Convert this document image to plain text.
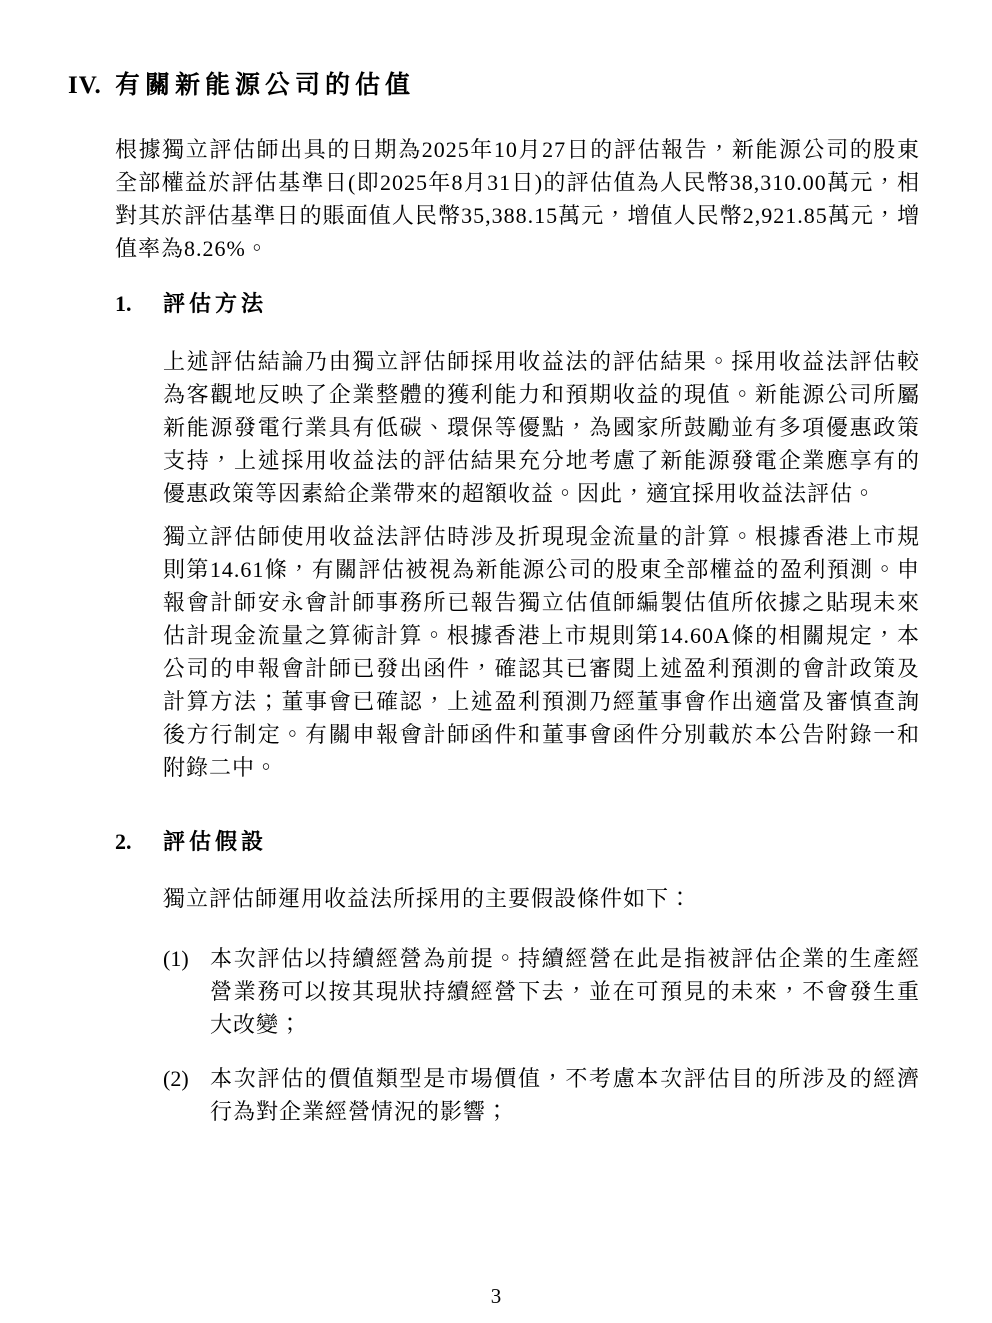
IV. 有關新能源公司的估值

根據獨立評估師出具的日期為2025年10月27日的評估報告，新能源公司的股東全部權益於評估基準日(即2025年8月31日)的評估值為人民幣38,310.00萬元，相對其於評估基準日的賬面值人民幣35,388.15萬元，增值人民幣2,921.85萬元，增值率為8.26%。

1.	評估方法

上述評估結論乃由獨立評估師採用收益法的評估結果。採用收益法評估較為客觀地反映了企業整體的獲利能力和預期收益的現值。新能源公司所屬新能源發電行業具有低碳、環保等優點，為國家所鼓勵並有多項優惠政策支持，上述採用收益法的評估結果充分地考慮了新能源發電企業應享有的優惠政策等因素給企業帶來的超額收益。因此，適宜採用收益法評估。

獨立評估師使用收益法評估時涉及折現現金流量的計算。根據香港上市規則第14.61條，有關評估被視為新能源公司的股東全部權益的盈利預測。申報會計師安永會計師事務所已報告獨立估值師編製估值所依據之貼現未來估計現金流量之算術計算。根據香港上市規則第14.60A條的相關規定，本公司的申報會計師已發出函件，確認其已審閱上述盈利預測的會計政策及計算方法；董事會已確認，上述盈利預測乃經董事會作出適當及審慎查詢後方行制定。有關申報會計師函件和董事會函件分別載於本公告附錄一和附錄二中。

2.	評估假設

獨立評估師運用收益法所採用的主要假設條件如下：

(1) 本次評估以持續經營為前提。持續經營在此是指被評估企業的生產經營業務可以按其現狀持續經營下去，並在可預見的未來，不會發生重大改變；
(2) 本次評估的價值類型是市場價值，不考慮本次評估目的所涉及的經濟行為對企業經營情況的影響；
3
